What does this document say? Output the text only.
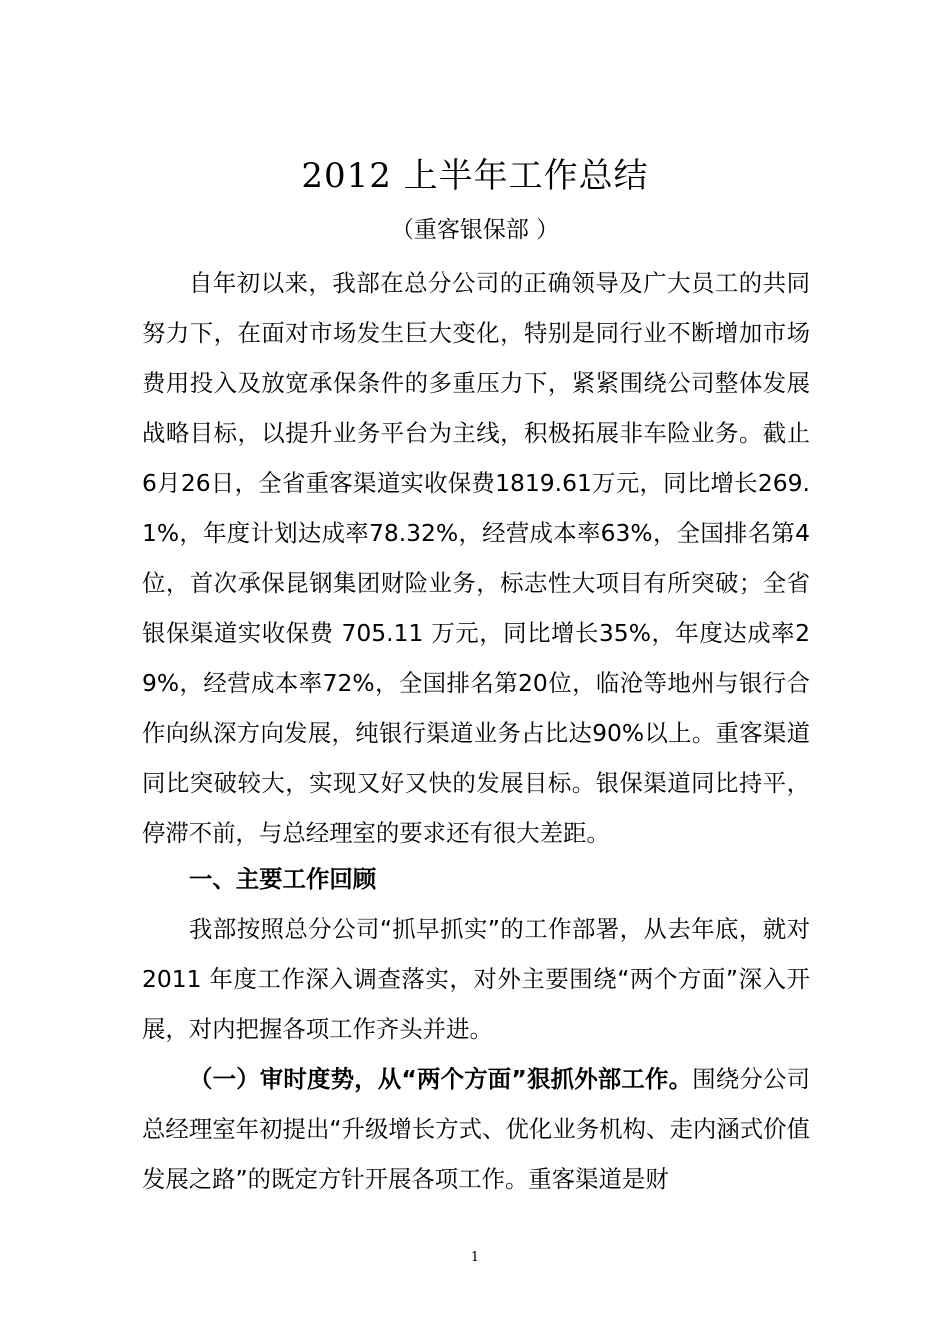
2012 上半年工作总结
（重客银保部 ）
自年初以来，我部在总分公司的正确领导及广大员工的共同努力下，在面对市场发生巨大变化，特别是同行业不断增加市场费用投入及放宽承保条件的多重压力下，紧紧围绕公司整体发展战略目标，以提升业务平台为主线，积极拓展非车险业务。截止6月26日，全省重客渠道实收保费1819.61万元，同比增长269.1%，年度计划达成率78.32%，经营成本率63%，全国排名第4位，首次承保昆钢集团财险业务，标志性大项目有所突破；全省银保渠道实收保费 705.11 万元，同比增长35%，年度达成率29%，经营成本率72%，全国排名第20位，临沧等地州与银行合作向纵深方向发展，纯银行渠道业务占比达90%以上。重客渠道同比突破较大，实现又好又快的发展目标。银保渠道同比持平，停滞不前，与总经理室的要求还有很大差距。
一、主要工作回顾
我部按照总分公司“抓早抓实”的工作部署，从去年底，就对 2011 年度工作深入调查落实，对外主要围绕“两个方面”深入开展，对内把握各项工作齐头并进。
（一）审时度势，从“两个方面”狠抓外部工作。围绕分公司总经理室年初提出“升级增长方式、优化业务机构、走内涵式价值发展之路”的既定方针开展各项工作。重客渠道是财
1
